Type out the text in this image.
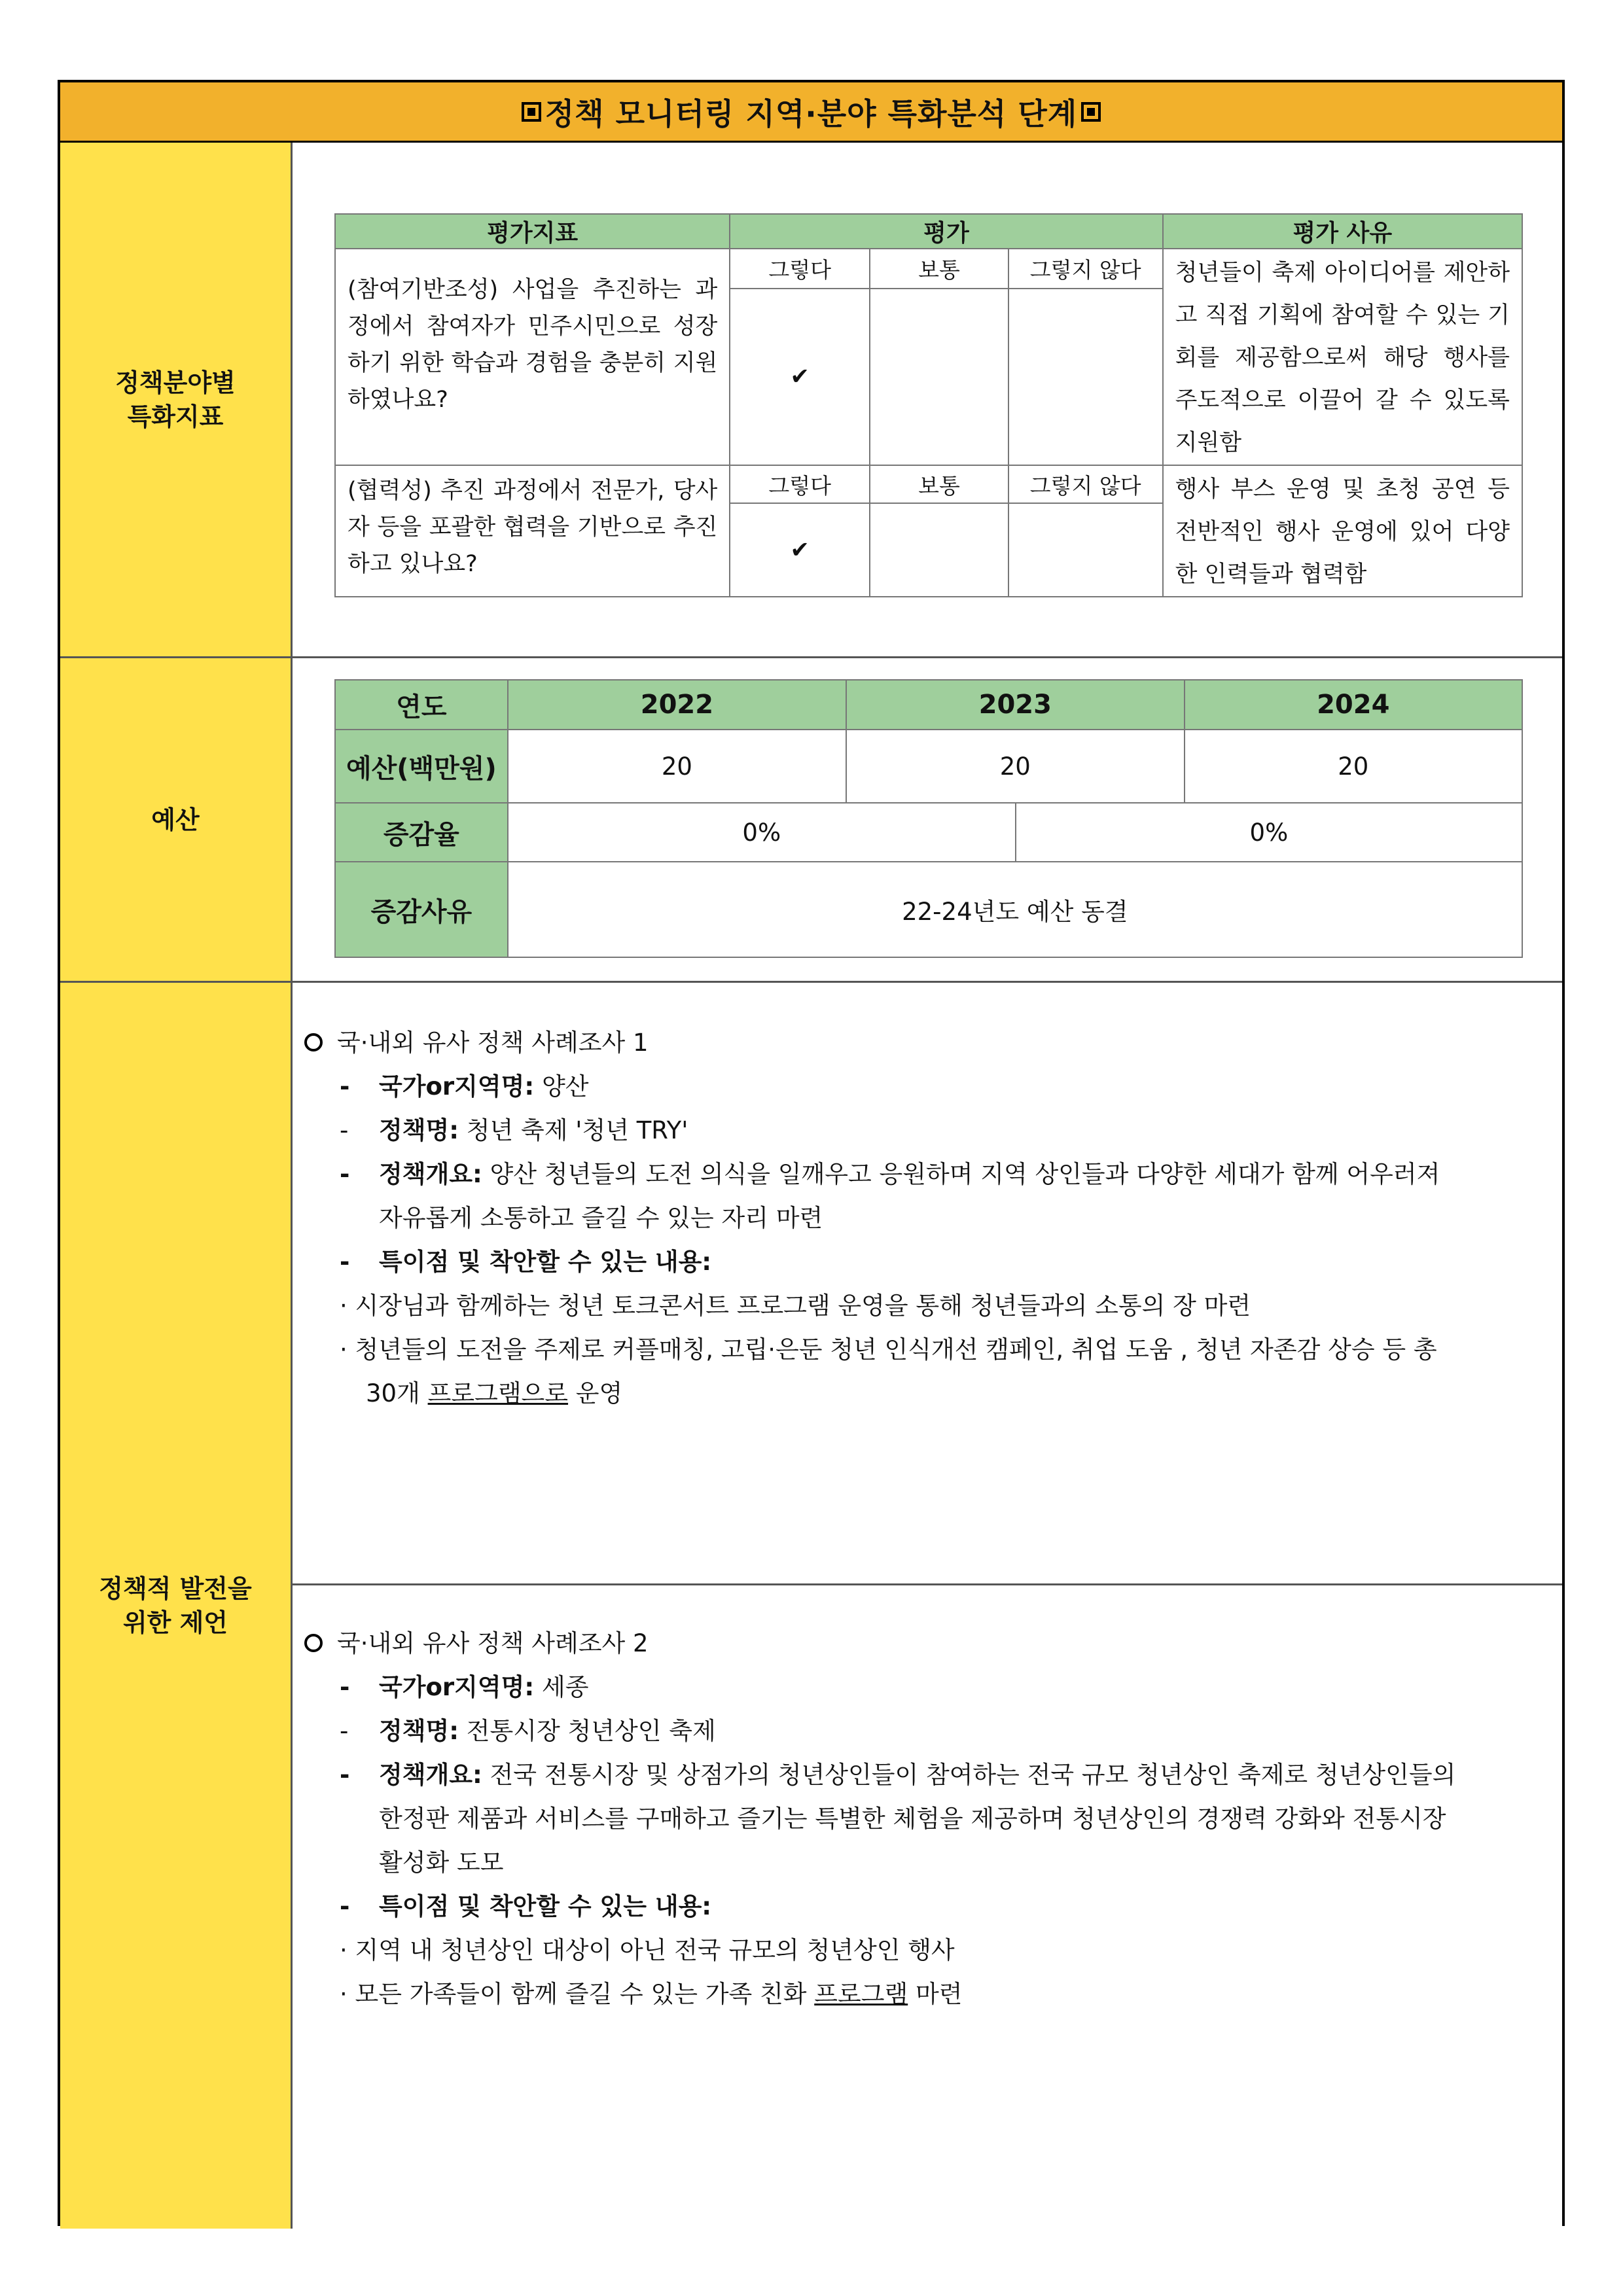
정책 모니터링 지역·분야 특화분석 단계
정책분야별
특화지표
평가지표	평가			평가 사유
(참여기반조성) 사업을 추진하는 과정에서 참여자가 민주시민으로 성장하기 위한 학습과 경험을 충분히 지원하였나요?	그렇다	보통	그렇지 않다	청년들이 축제 아이디어를 제안하고 직접 기획에 참여할 수 있는 기회를 제공함으로써 해당 행사를 주도적으로 이끌어 갈 수 있도록 지원함
	✔			
(협력성) 추진 과정에서 전문가, 당사자 등을 포괄한 협력을 기반으로 추진하고 있나요?	그렇다	보통	그렇지 않다	행사 부스 운영 및 초청 공연 등 전반적인 행사 운영에 있어 다양한 인력들과 협력함
	✔			
예산
연도	2022	2023		2024
예산(백만원)	20	20		20
증감율	0%		0%	
증감사유	22-24년도 예산 동결			
정책적 발전을
위한 제언
국·내외 유사 정책 사례조사 1
- 국가or지역명: 양산
- 정책명: 청년 축제 '청년 TRY'
- 정책개요: 양산 청년들의 도전 의식을 일깨우고 응원하며 지역 상인들과 다양한 세대가 함께 어우러져
자유롭게 소통하고 즐길 수 있는 자리 마련
- 특이점 및 착안할 수 있는 내용:
· 시장님과 함께하는 청년 토크콘서트 프로그램 운영을 통해 청년들과의 소통의 장 마련
· 청년들의 도전을 주제로 커플매칭, 고립·은둔 청년 인식개선 캠페인, 취업 도움 , 청년 자존감 상승 등 총
30개 프로그램으로 운영
국·내외 유사 정책 사례조사 2
- 국가or지역명: 세종
- 정책명: 전통시장 청년상인 축제
- 정책개요: 전국 전통시장 및 상점가의 청년상인들이 참여하는 전국 규모 청년상인 축제로 청년상인들의
한정판 제품과 서비스를 구매하고 즐기는 특별한 체험을 제공하며 청년상인의 경쟁력 강화와 전통시장
활성화 도모
- 특이점 및 착안할 수 있는 내용:
· 지역 내 청년상인 대상이 아닌 전국 규모의 청년상인 행사
· 모든 가족들이 함께 즐길 수 있는 가족 친화 프로그램 마련
